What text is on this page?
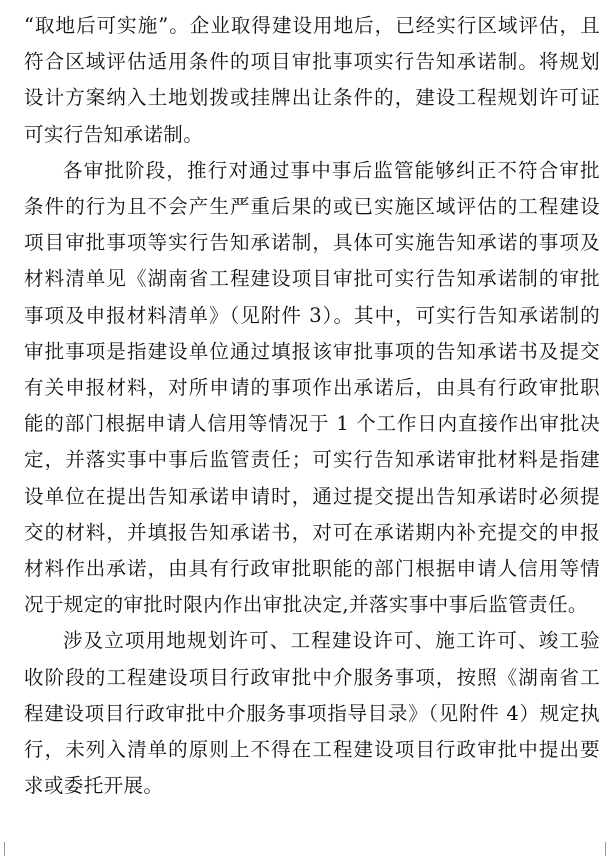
“取地后可实施”。企业取得建设用地后，已经实行区域评估，且符合区域评估适用条件的项目审批事项实行告知承诺制。将规划设计方案纳入土地划拨或挂牌出让条件的，建设工程规划许可证可实行告知承诺制。

各审批阶段，推行对通过事中事后监管能够纠正不符合审批条件的行为且不会产生严重后果的或已实施区域评估的工程建设项目审批事项等实行告知承诺制，具体可实施告知承诺的事项及材料清单见《湖南省工程建设项目审批可实行告知承诺制的审批事项及申报材料清单》（见附件 3）。其中，可实行告知承诺制的审批事项是指建设单位通过填报该审批事项的告知承诺书及提交有关申报材料，对所申请的事项作出承诺后，由具有行政审批职能的部门根据申请人信用等情况于 1 个工作日内直接作出审批决定，并落实事中事后监管责任；可实行告知承诺审批材料是指建设单位在提出告知承诺申请时，通过提交提出告知承诺时必须提交的材料，并填报告知承诺书，对可在承诺期内补充提交的申报材料作出承诺，由具有行政审批职能的部门根据申请人信用等情况于规定的审批时限内作出审批决定,并落实事中事后监管责任。

涉及立项用地规划许可、工程建设许可、施工许可、竣工验收阶段的工程建设项目行政审批中介服务事项，按照《湖南省工程建设项目行政审批中介服务事项指导目录》（见附件 4）规定执行，未列入清单的原则上不得在工程建设项目行政审批中提出要求或委托开展。
